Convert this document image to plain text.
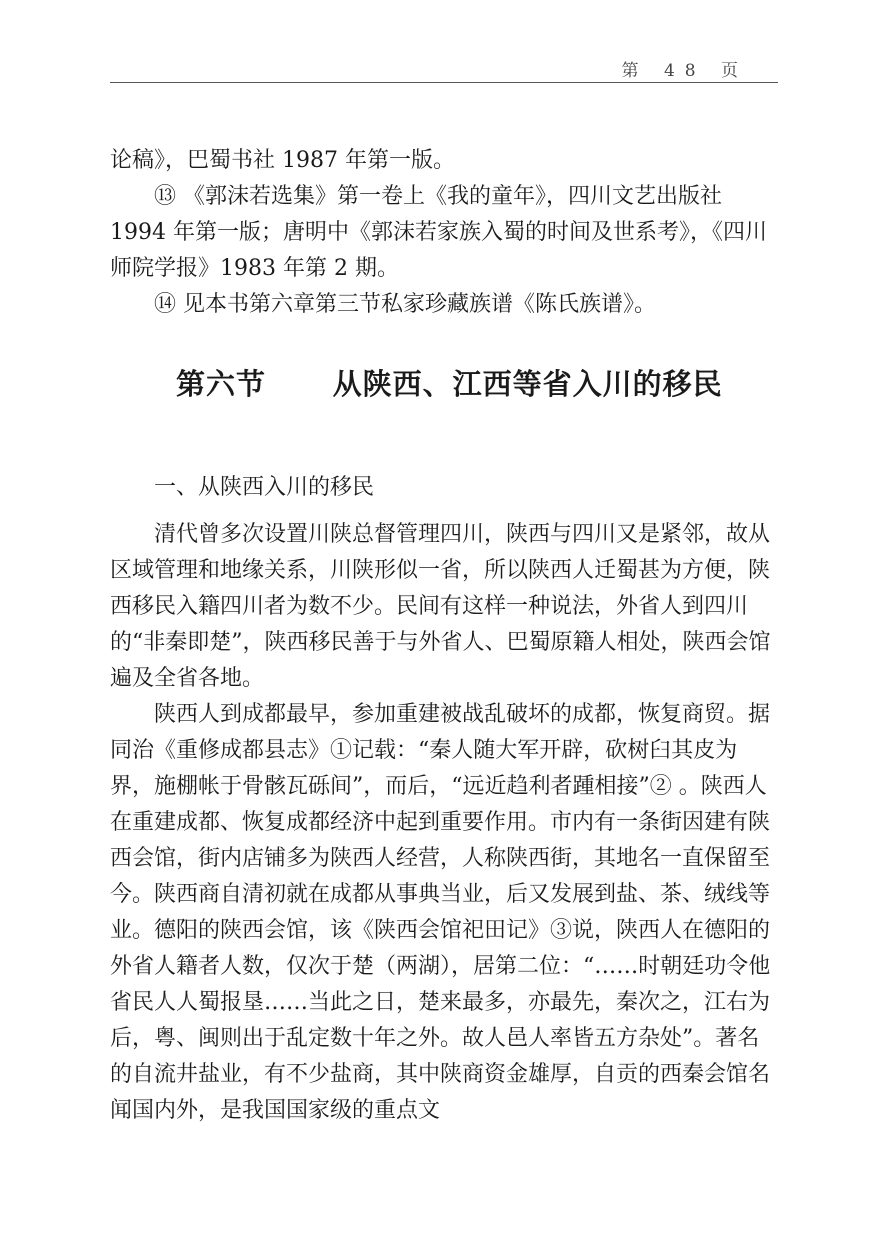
第 48 页

论稿》，巴蜀书社 1987 年第一版。

⑬ 《郭沫若选集》第一卷上《我的童年》，四川文艺出版社 1994 年第一版；唐明中《郭沫若家族入蜀的时间及世系考》，《四川师院学报》1983 年第 2 期。

⑭ 见本书第六章第三节私家珍藏族谱《陈氏族谱》。

第六节      从陕西、江西等省入川的移民

一、从陕西入川的移民

清代曾多次设置川陕总督管理四川，陕西与四川又是紧邻，故从区域管理和地缘关系，川陕形似一省，所以陕西人迁蜀甚为方便，陕西移民入籍四川者为数不少。民间有这样一种说法，外省人到四川的“非秦即楚”，陕西移民善于与外省人、巴蜀原籍人相处，陕西会馆遍及全省各地。

陕西人到成都最早，参加重建被战乱破坏的成都，恢复商贸。据同治《重修成都县志》①记载：“秦人随大军开辟，砍树臼其皮为界，施棚帐于骨骸瓦砾间”，而后，“远近趋利者踵相接”② 。陕西人在重建成都、恢复成都经济中起到重要作用。市内有一条街因建有陕西会馆，街内店铺多为陕西人经营，人称陕西街，其地名一直保留至今。陕西商自清初就在成都从事典当业，后又发展到盐、茶、绒线等业。德阳的陕西会馆，该《陕西会馆祀田记》③说，陕西人在德阳的外省人籍者人数，仅次于楚（两湖），居第二位：“……时朝廷功令他省民人人蜀报垦……当此之日，楚来最多，亦最先，秦次之，江右为后，粤、闽则出于乱定数十年之外。故人邑人率皆五方杂处”。著名的自流井盐业，有不少盐商，其中陕商资金雄厚，自贡的西秦会馆名闻国内外，是我国国家级的重点文
